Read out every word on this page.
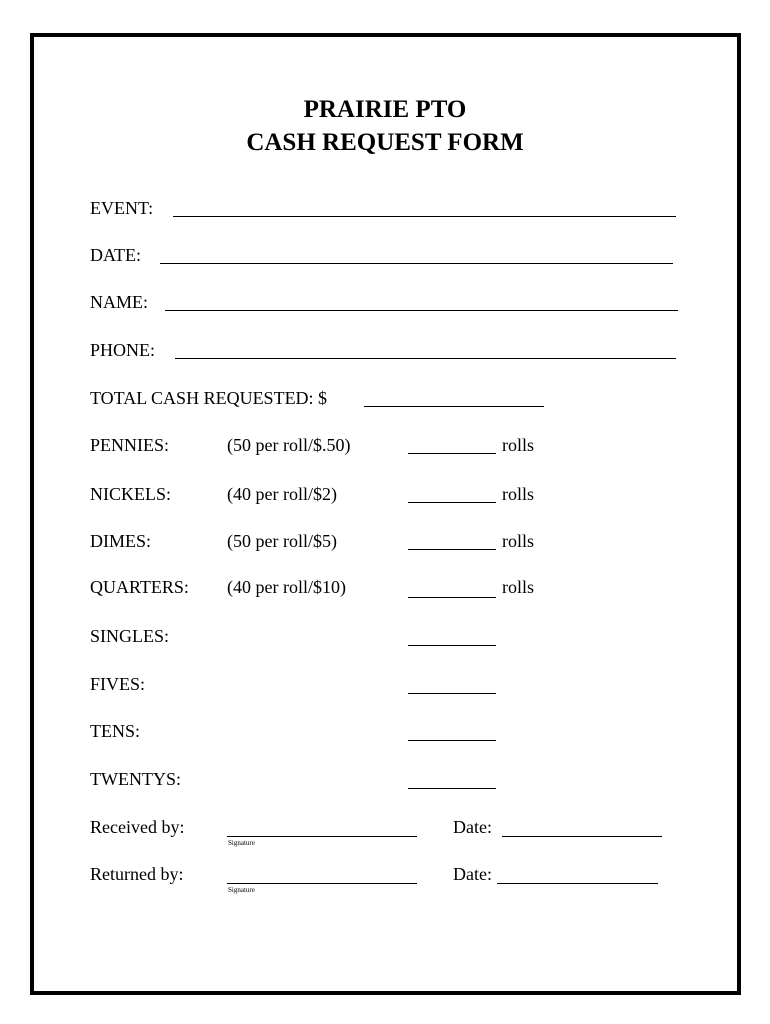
PRAIRIE PTO
CASH REQUEST FORM
EVENT:
DATE:
NAME:
PHONE:
TOTAL CASH REQUESTED: $
PENNIES:	(50 per roll/$.50)	rolls
NICKELS:	(40 per roll/$2)	rolls
DIMES:	(50 per roll/$5)	rolls
QUARTERS: (40 per roll/$10)	rolls
SINGLES:
FIVES:
TENS:
TWENTYS:
Received by:
Signature
Date:
Returned by:
Signature
Date:
